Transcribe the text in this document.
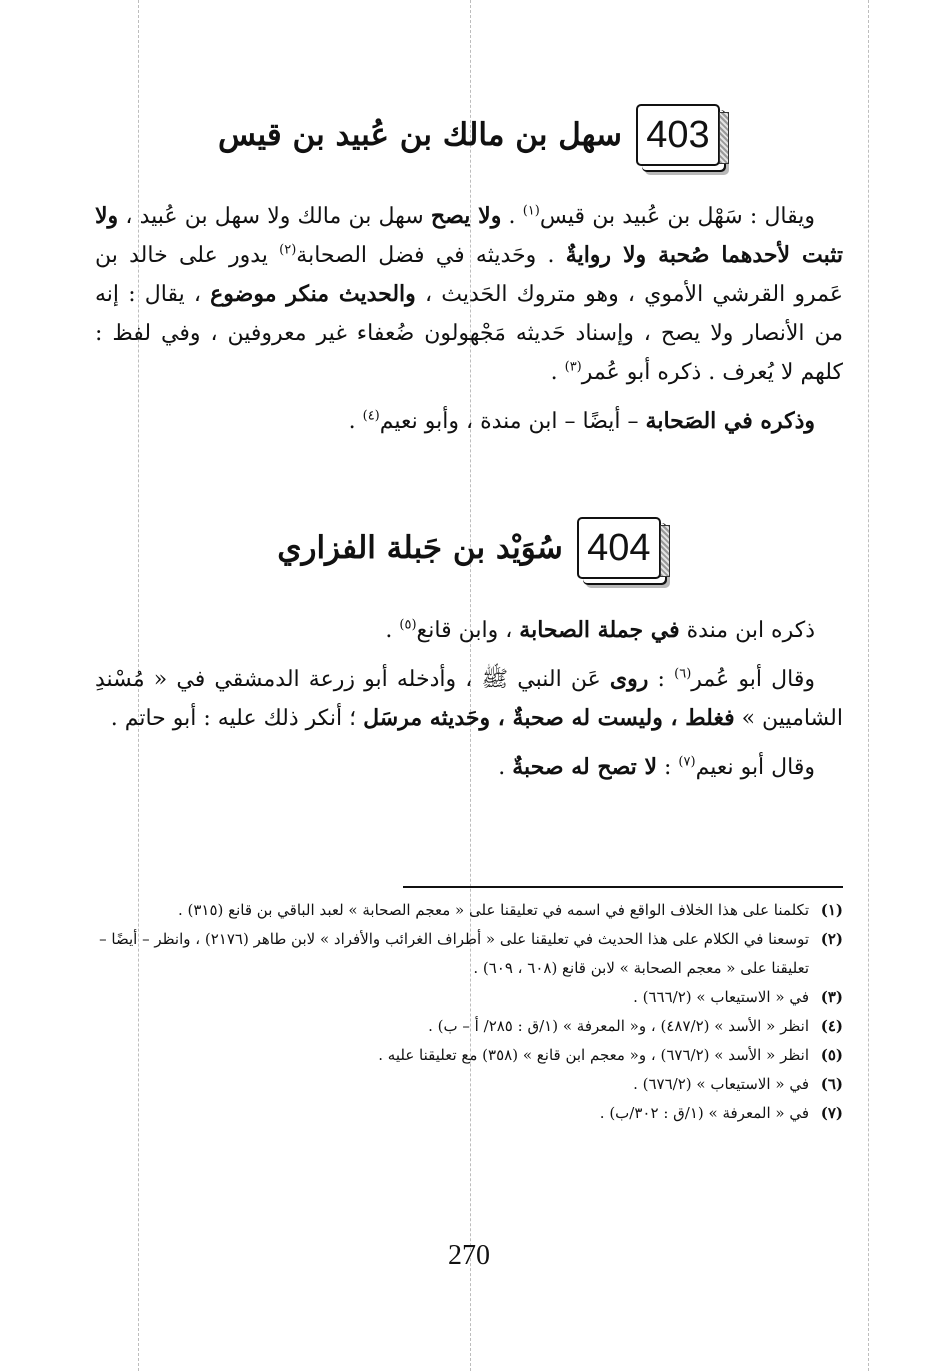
403
سهل بن مالك بن عُبيد بن قيس

ويقال : سَهْل بن عُبيد بن قيس$^{(١)}$ . ولا يصح سهل بن مالك ولا سهل بن عُبيد ، ولا تثبت لأحدهما صُحبة ولا روايةٌ . وحَديثه في فضل الصحابة$^{(٢)}$ يدور على خالد بن عَمرو القرشي الأموي ، وهو متروك الحَديث ، والحديث منكر موضوع ، يقال : إنه من الأنصار ولا يصح ، وإسناد حَديثه مَجْهولون ضُعفاء غير معروفين ، وفي لفظ : كلهم لا يُعرف . ذكره أبو عُمر$^{(٣)}$ .

وذكره في الصَحابة – أيضًا – ابن مندة ، وأبو نعيم$^{(٤)}$ .

404
سُوَيْد بن جَبلة الفزاري

ذكره ابن مندة في جملة الصحابة ، وابن قانع$^{(٥)}$ .

وقال أبو عُمر$^{(٦)}$ : روى عَن النبي ﷺ ، وأدخله أبو زرعة الدمشقي في « مُسْندِ الشاميين » فغلط ، وليست له صحبةٌ ، وحَديثه مرسَل ؛ أنكر ذلك عليه : أبو حاتم .

وقال أبو نعيم$^{(٧)}$ : لا تصح له صحبةٌ .

(١)
تكلمنا على هذا الخلاف الواقع في اسمه في تعليقنا على « معجم الصحابة » لعبد الباقي بن قانع (٣١٥) .
(٢)
توسعنا في الكلام على هذا الحديث في تعليقنا على « أطراف الغرائب والأفراد » لابن طاهر (٢١٧٦) ، وانظر – أيضًا – تعليقنا على « معجم الصحابة » لابن قانع (٦٠٨ ، ٦٠٩) .
(٣)
في « الاستيعاب » (٦٦٦/٢) .
(٤)
انظر « الأسد » (٤٨٧/٢) ، و« المعرفة » (١/ق : ٢٨٥/ أ – ب) .
(٥)
انظر « الأسد » (٦٧٦/٢) ، و« معجم ابن قانع » (٣٥٨) مع تعليقنا عليه .
(٦)
في « الاستيعاب » (٦٧٦/٢) .
(٧)
في « المعرفة » (١/ق : ٣٠٢/ب) .
270
